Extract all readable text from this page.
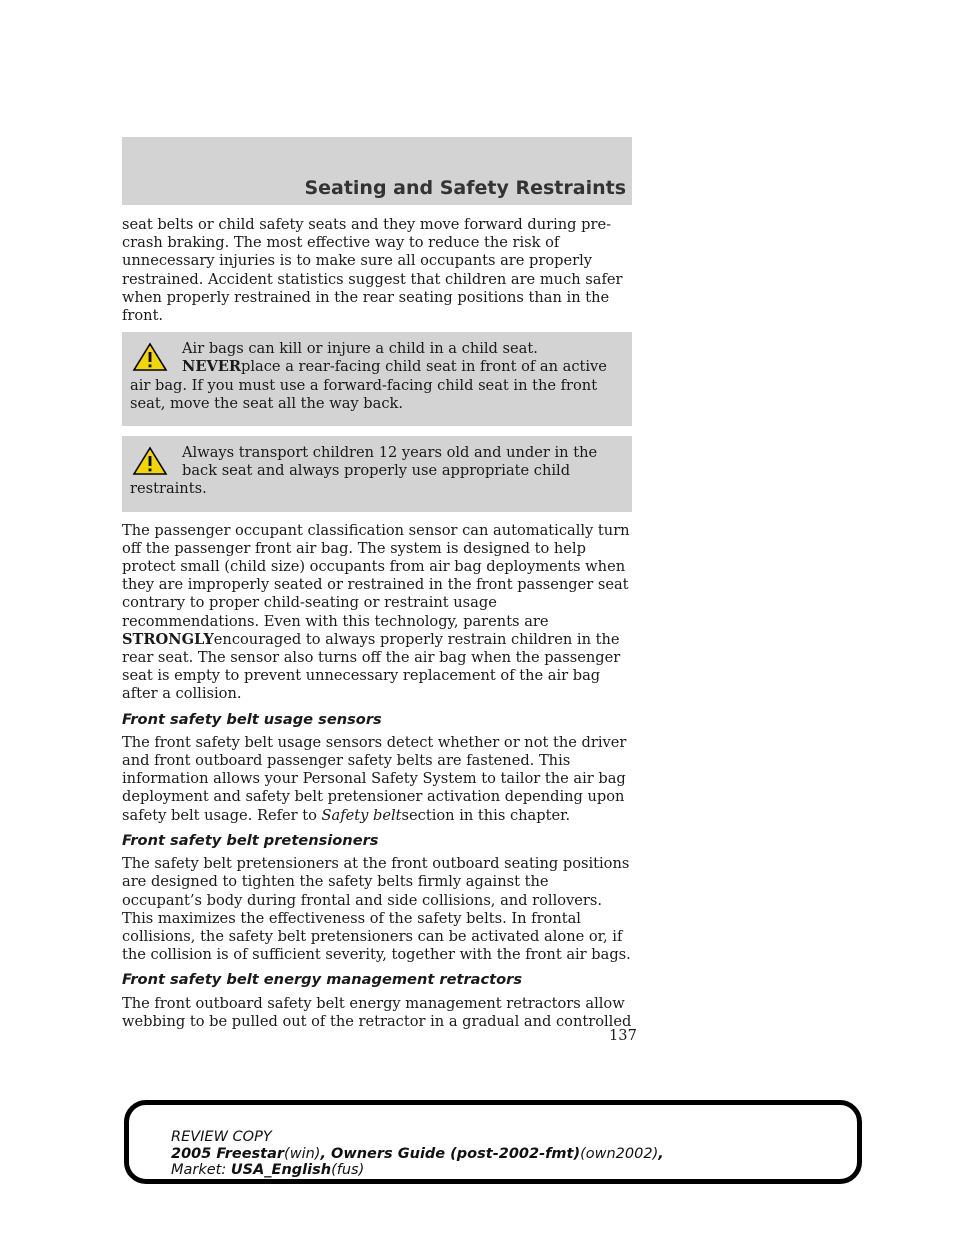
Seating and Safety Restraints

seat belts or child safety seats and they move forward during pre-crash braking. The most effective way to reduce the risk of unnecessary injuries is to make sure all occupants are properly restrained. Accident statistics suggest that children are much safer when properly restrained in the rear seating positions than in the front.

Air bags can kill or injure a child in a child seat. NEVERplace a rear-facing child seat in front of an active air bag. If you must use a forward-facing child seat in the front seat, move the seat all the way back.
Always transport children 12 years old and under in the back seat and always properly use appropriate child restraints.

The passenger occupant classification sensor can automatically turn off the passenger front air bag. The system is designed to help protect small (child size) occupants from air bag deployments when they are improperly seated or restrained in the front passenger seat contrary to proper child-seating or restraint usage recommendations. Even with this technology, parents are STRONGLYencouraged to always properly restrain children in the rear seat. The sensor also turns off the air bag when the passenger seat is empty to prevent unnecessary replacement of the air bag after a collision.

Front safety belt usage sensors

The front safety belt usage sensors detect whether or not the driver and front outboard passenger safety belts are fastened. This information allows your Personal Safety System to tailor the air bag deployment and safety belt pretensioner activation depending upon safety belt usage. Refer to Safety beltsection in this chapter.

Front safety belt pretensioners

The safety belt pretensioners at the front outboard seating positions are designed to tighten the safety belts firmly against the occupant’s body during frontal and side collisions, and rollovers. This maximizes the effectiveness of the safety belts. In frontal collisions, the safety belt pretensioners can be activated alone or, if the collision is of sufficient severity, together with the front air bags.

Front safety belt energy management retractors

The front outboard safety belt energy management retractors allow webbing to be pulled out of the retractor in a gradual and controlled

137
REVIEW COPY
2005 Freestar(win), Owners Guide (post-2002-fmt)(own2002),
Market: USA_English(fus)
